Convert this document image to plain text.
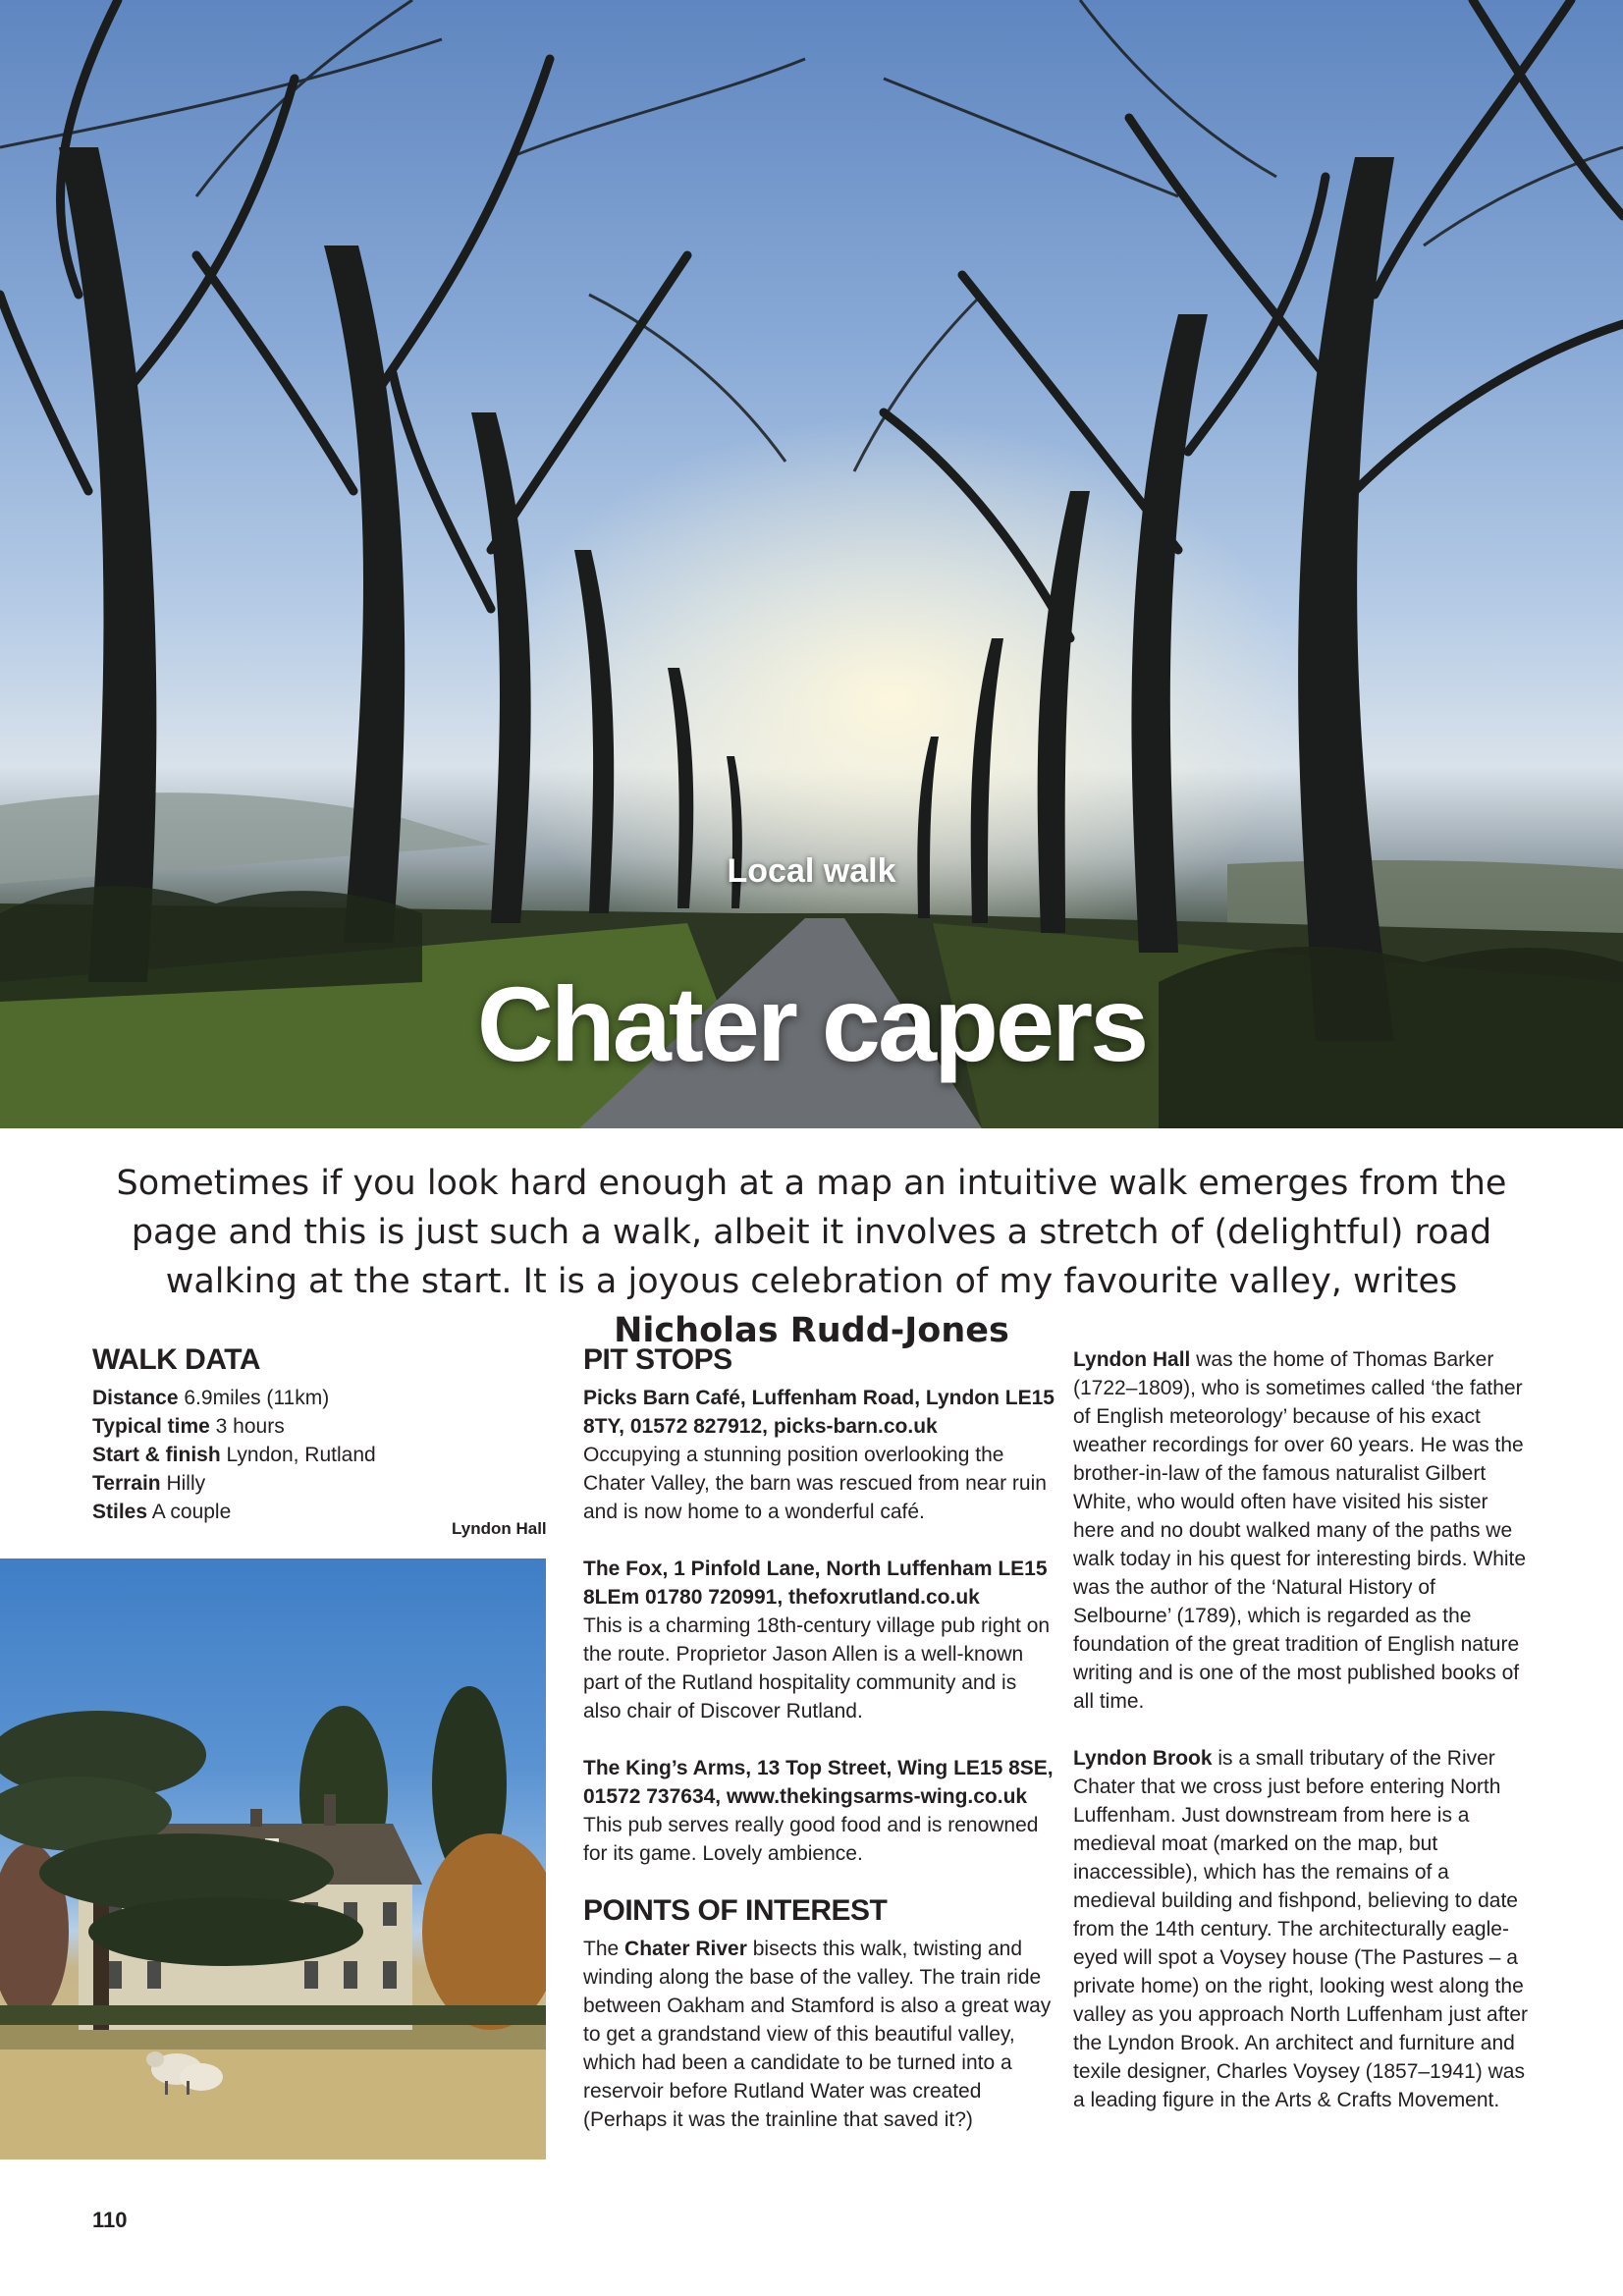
Local walk
Chater capers
Sometimes if you look hard enough at a map an intuitive walk emerges from the page and this is just such a walk, albeit it involves a stretch of (delightful) road walking at the start. It is a joyous celebration of my favourite valley, writes Nicholas Rudd-Jones
WALK DATA
Distance 6.9miles (11km)
Typical time 3 hours
Start & finish Lyndon, Rutland
Terrain Hilly
Stiles A couple
Lyndon Hall
PIT STOPS

Picks Barn Café, Luffenham Road, Lyndon LE15 8TY, 01572 827912, picks-barn.co.uk
Occupying a stunning position overlooking the Chater Valley, the barn was rescued from near ruin and is now home to a wonderful café.

The Fox, 1 Pinfold Lane, North Luffenham LE15 8LEm 01780 720991, thefoxrutland.co.uk
This is a charming 18th-century village pub right on the route. Proprietor Jason Allen is a well-known part of the Rutland hospitality community and is also chair of Discover Rutland.

The King’s Arms, 13 Top Street, Wing LE15 8SE, 01572 737634, www.thekingsarms-wing.co.uk
This pub serves really good food and is renowned for its game. Lovely ambience.

POINTS OF INTEREST

The Chater River bisects this walk, twisting and winding along the base of the valley. The train ride between Oakham and Stamford is also a great way to get a grandstand view of this beautiful valley, which had been a candidate to be turned into a reservoir before Rutland Water was created (Perhaps it was the trainline that saved it?)

Lyndon Hall was the home of Thomas Barker (1722–1809), who is sometimes called ‘the father of English meteorology’ because of his exact weather recordings for over 60 years. He was the brother-in-law of the famous naturalist Gilbert White, who would often have visited his sister here and no doubt walked many of the paths we walk today in his quest for interesting birds. White was the author of the ‘Natural History of Selbourne’ (1789), which is regarded as the foundation of the great tradition of English nature writing and is one of the most published books of all time.

Lyndon Brook is a small tributary of the River Chater that we cross just before entering North Luffenham. Just downstream from here is a medieval moat (marked on the map, but inaccessible), which has the remains of a medieval building and fishpond, believing to date from the 14th century. The architecturally eagle-eyed will spot a Voysey house (The Pastures – a private home) on the right, looking west along the valley as you approach North Luffenham just after the Lyndon Brook. An architect and furniture and texile designer, Charles Voysey (1857–1941) was a leading figure in the Arts & Crafts Movement.

110
